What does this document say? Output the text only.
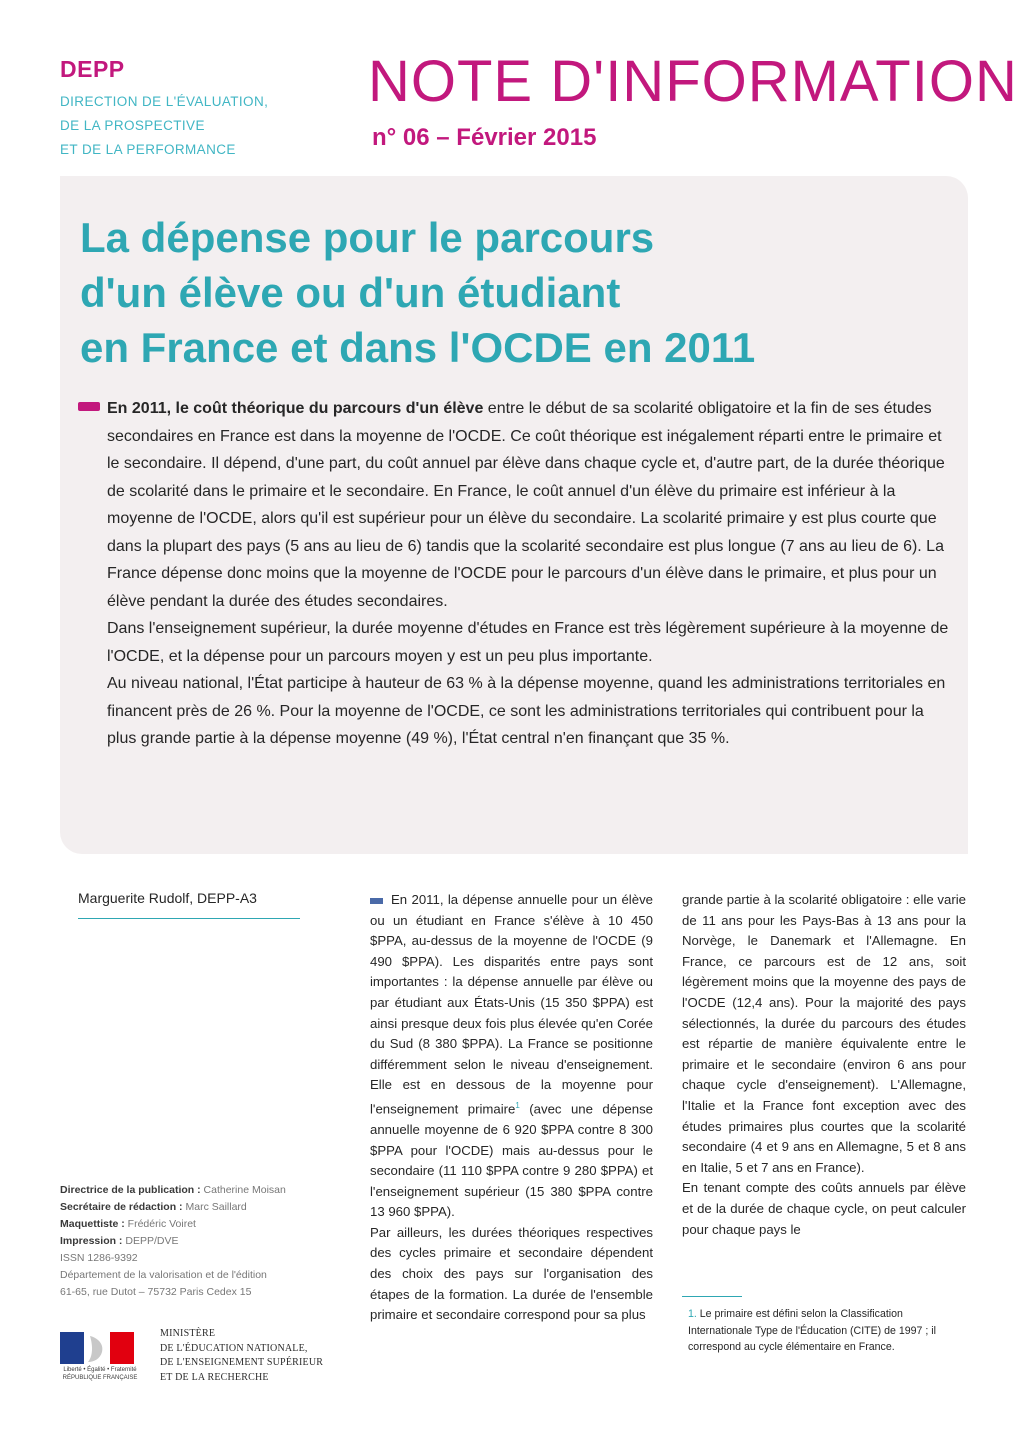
DEPP
DIRECTION DE L'ÉVALUATION,
DE LA PROSPECTIVE
ET DE LA PERFORMANCE
NOTE D'INFORMATION
n° 06 – Février 2015
La dépense pour le parcours
d'un élève ou d'un étudiant
en France et dans l'OCDE en 2011

En 2011, le coût théorique du parcours d'un élève entre le début de sa scolarité obligatoire et la fin de ses études secondaires en France est dans la moyenne de l'OCDE. Ce coût théorique est inégalement réparti entre le primaire et le secondaire. Il dépend, d'une part, du coût annuel par élève dans chaque cycle et, d'autre part, de la durée théorique de scolarité dans le primaire et le secondaire. En France, le coût annuel d'un élève du primaire est inférieur à la moyenne de l'OCDE, alors qu'il est supérieur pour un élève du secondaire. La scolarité primaire y est plus courte que dans la plupart des pays (5 ans au lieu de 6) tandis que la scolarité secondaire est plus longue (7 ans au lieu de 6). La France dépense donc moins que la moyenne de l'OCDE pour le parcours d'un élève dans le primaire, et plus pour un élève pendant la durée des études secondaires.

Dans l'enseignement supérieur, la durée moyenne d'études en France est très légèrement supérieure à la moyenne de l'OCDE, et la dépense pour un parcours moyen y est un peu plus importante.

Au niveau national, l'État participe à hauteur de 63 % à la dépense moyenne, quand les administrations territoriales en financent près de 26 %. Pour la moyenne de l'OCDE, ce sont les administrations territoriales qui contribuent pour la plus grande partie à la dépense moyenne (49 %), l'État central n'en finançant que 35 %.

Marguerite Rudolf, DEPP-A3	En 2011, la dépense annuelle pour un élève ou un étudiant en France s'élève à 10 450 $PPA, au-dessus de la moyenne de l'OCDE (9 490 $PPA). Les disparités entre pays sont importantes : la dépense annuelle par élève ou par étudiant aux États-Unis (15 350 $PPA) est ainsi presque deux fois plus élevée qu'en Corée du Sud (8 380 $PPA). La France se positionne différemment selon le niveau d'enseignement. Elle est en dessous de la moyenne pour l'enseignement primaire$^1$ (avec une dépense annuelle moyenne de 6 920 $PPA contre 8 300 $PPA pour l'OCDE) mais au-dessus pour le secondaire (11 110 $PPA contre 9 280 $PPA) et l'enseignement supérieur (15 380 $PPA contre 13 960 $PPA).

Par ailleurs, les durées théoriques respectives des cycles primaire et secondaire dépendent des choix des pays sur l'organisation des étapes de la formation. La durée de l'ensemble primaire et secondaire correspond pour sa plus

grande partie à la scolarité obligatoire : elle varie de 11 ans pour les Pays-Bas à 13 ans pour la Norvège, le Danemark et l'Allemagne. En France, ce parcours est de 12 ans, soit légèrement moins que la moyenne des pays de l'OCDE (12,4 ans). Pour la majorité des pays sélectionnés, la durée du parcours des études est répartie de manière équivalente entre le primaire et le secondaire (environ 6 ans pour chaque cycle d'enseignement). L'Allemagne, l'Italie et la France font exception avec des études primaires plus courtes que la scolarité secondaire (4 et 9 ans en Allemagne, 5 et 8 ans en Italie, 5 et 7 ans en France).

En tenant compte des coûts annuels par élève et de la durée de chaque cycle, on peut calculer pour chaque pays le

1. Le primaire est défini selon la Classification Internationale Type de l'Éducation (CITE) de 1997 ; il correspond au cycle élémentaire en France.
Directrice de la publication : Catherine Moisan
Secrétaire de rédaction : Marc Saillard
Maquettiste : Frédéric Voiret
Impression : DEPP/DVE
ISSN 1286-9392
Département de la valorisation et de l'édition
61-65, rue Dutot – 75732 Paris Cedex 15
Liberté • Égalité • Fraternité
RÉPUBLIQUE FRANÇAISE
MINISTÈRE
DE L'ÉDUCATION NATIONALE,
DE L'ENSEIGNEMENT SUPÉRIEUR
ET DE LA RECHERCHE
